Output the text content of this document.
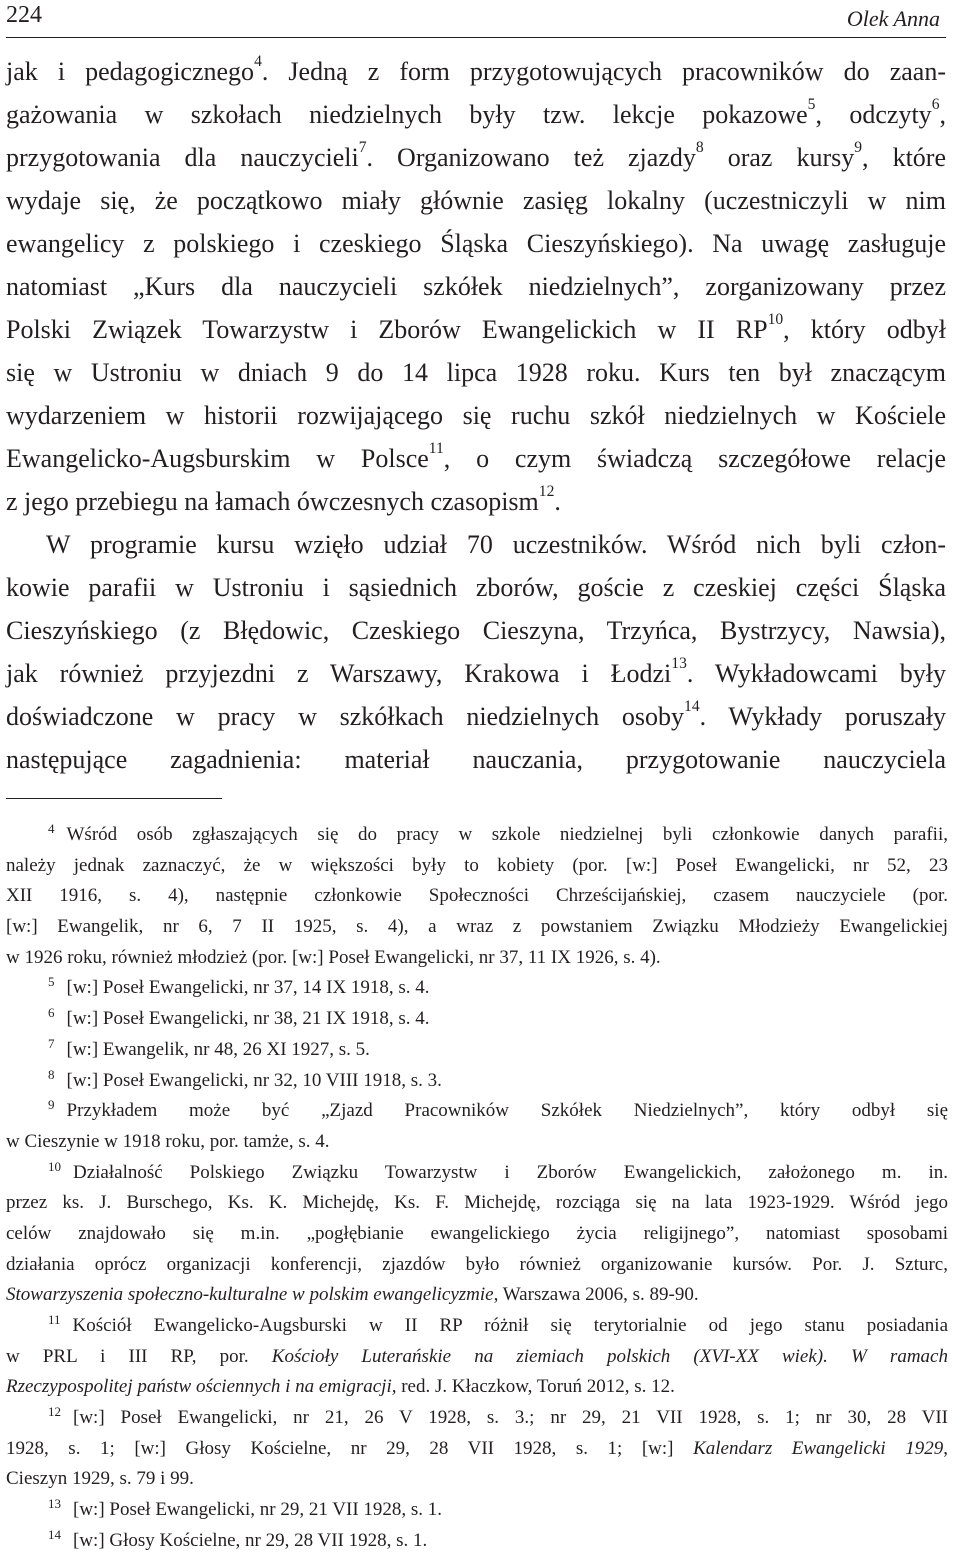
224	Olek Anna
jak i pedagogicznego$^4$. Jedną z form przygotowujących pracowników do zaan-
gażowania w szkołach niedzielnych były tzw. lekcje pokazowe$^5$, odczyty$^6$,
przygotowania dla nauczycieli$^7$. Organizowano też zjazdy$^8$ oraz kursy$^9$, które
wydaje się, że początkowo miały głównie zasięg lokalny (uczestniczyli w nim
ewangelicy z polskiego i czeskiego Śląska Cieszyńskiego). Na uwagę zasługuje
natomiast „Kurs dla nauczycieli szkółek niedzielnych”, zorganizowany przez
Polski Związek Towarzystw i Zborów Ewangelickich w II RP$^{10}$, który odbył
się w Ustroniu w dniach 9 do 14 lipca 1928 roku. Kurs ten był znaczącym
wydarzeniem w historii rozwijającego się ruchu szkół niedzielnych w Kościele
Ewangelicko-Augsburskim w Polsce$^{11}$, o czym świadczą szczegółowe relacje
z jego przebiegu na łamach ówczesnych czasopism$^{12}$.
W programie kursu wzięło udział 70 uczestników. Wśród nich byli człon-
kowie parafii w Ustroniu i sąsiednich zborów, goście z czeskiej części Śląska
Cieszyńskiego (z Błędowic, Czeskiego Cieszyna, Trzyńca, Bystrzycy, Nawsia),
jak również przyjezdni z Warszawy, Krakowa i Łodzi$^{13}$. Wykładowcami były
doświadczone w pracy w szkółkach niedzielnych osoby$^{14}$. Wykłady poruszały
następujące zagadnienia: materiał nauczania, przygotowanie nauczyciela
$^4$ Wśród osób zgłaszających się do pracy w szkole niedzielnej byli członkowie danych parafii,
należy jednak zaznaczyć, że w większości były to kobiety (por. [w:] Poseł Ewangelicki, nr 52, 23
XII 1916, s. 4), następnie członkowie Społeczności Chrześcijańskiej, czasem nauczyciele (por.
[w:] Ewangelik, nr 6, 7 II 1925, s. 4), a wraz z powstaniem Związku Młodzieży Ewangelickiej
w 1926 roku, również młodzież (por. [w:] Poseł Ewangelicki, nr 37, 11 IX 1926, s. 4).
$^5$ [w:] Poseł Ewangelicki, nr 37, 14 IX 1918, s. 4.
$^6$ [w:] Poseł Ewangelicki, nr 38, 21 IX 1918, s. 4.
$^7$ [w:] Ewangelik, nr 48, 26 XI 1927, s. 5.
$^8$ [w:] Poseł Ewangelicki, nr 32, 10 VIII 1918, s. 3.
$^9$ Przykładem może być „Zjazd Pracowników Szkółek Niedzielnych”, który odbył się
w Cieszynie w 1918 roku, por. tamże, s. 4.
$^{10}$ Działalność Polskiego Związku Towarzystw i Zborów Ewangelickich, założonego m. in.
przez ks. J. Burschego, Ks. K. Michejdę, Ks. F. Michejdę, rozciąga się na lata 1923-1929. Wśród jego
celów znajdowało się m.in. „pogłębianie ewangelickiego życia religijnego”, natomiast sposobami
działania oprócz organizacji konferencji, zjazdów było również organizowanie kursów. Por. J. Szturc,
Stowarzyszenia społeczno-kulturalne w polskim ewangelicyzmie, Warszawa 2006, s. 89-90.
$^{11}$ Kościół Ewangelicko-Augsburski w II RP różnił się terytorialnie od jego stanu posiadania
w PRL i III RP, por. Kościoły Luterańskie na ziemiach polskich (XVI-XX wiek). W ramach
Rzeczypospolitej państw ościennych i na emigracji, red. J. Kłaczkow, Toruń 2012, s. 12.
$^{12}$ [w:] Poseł Ewangelicki, nr 21, 26 V 1928, s. 3.; nr 29, 21 VII 1928, s. 1; nr 30, 28 VII
1928, s. 1; [w:] Głosy Kościelne, nr 29, 28 VII 1928, s. 1; [w:] Kalendarz Ewangelicki 1929,
Cieszyn 1929, s. 79 i 99.
$^{13}$ [w:] Poseł Ewangelicki, nr 29, 21 VII 1928, s. 1.
$^{14}$ [w:] Głosy Kościelne, nr 29, 28 VII 1928, s. 1.
